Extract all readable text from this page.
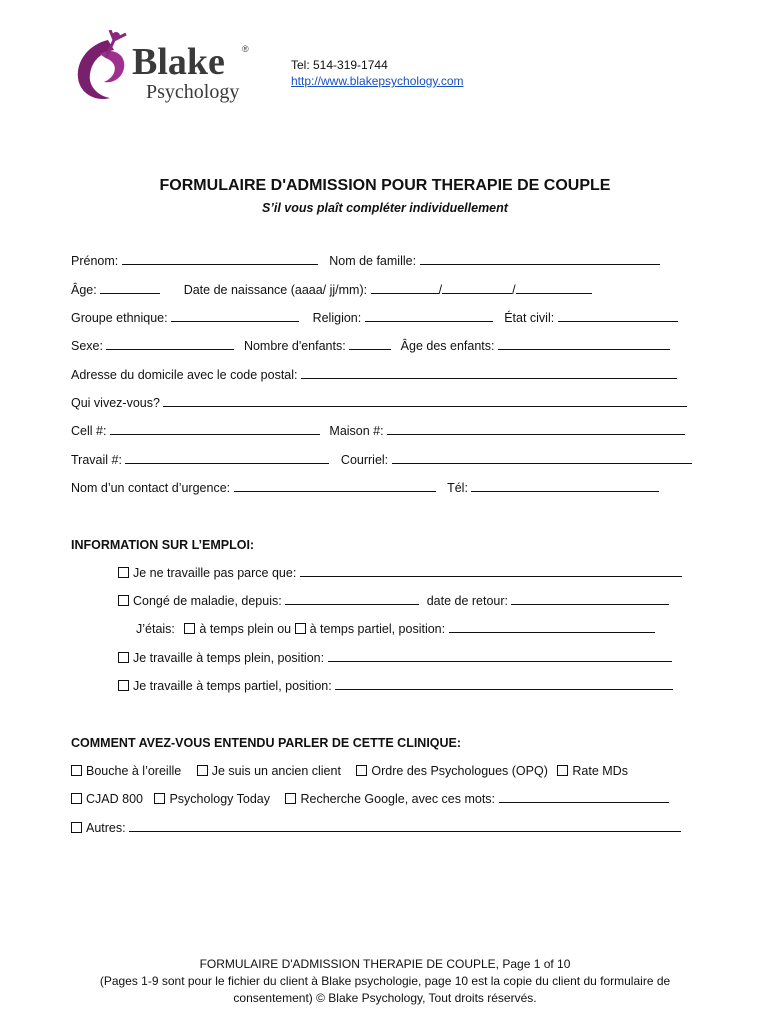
Blake ®
Psychology
Tel: 514-319-1744
http://www.blakepsychology.com
FORMULAIRE D'ADMISSION POUR THERAPIE DE COUPLE
S’il vous plaît compléter individuellement
Prénom:	Nom de famille:
Âge:	Date de naissance (aaaa/ jj/mm):	/	/
Groupe ethnique:	Religion:	État civil:
Sexe:	Nombre d'enfants:	Âge des enfants:
Adresse du domicile avec le code postal:
Qui vivez-vous?
Cell #:	Maison #:
Travail #:	Courriel:
Nom d’un contact d’urgence:	Tél:
INFORMATION SUR L’EMPLOI:
Je ne travaille pas parce que:
Congé de maladie, depuis:	date de retour:
J’étais: à temps plein ou à temps partiel, position:
Je travaille à temps plein, position:
Je travaille à temps partiel, position:
COMMENT AVEZ-VOUS ENTENDU PARLER DE CETTE CLINIQUE:
Bouche à l’oreille Je suis un ancien client Ordre des Psychologues (OPQ) Rate MDs
CJAD 800 Psychology Today Recherche Google, avec ces mots:
Autres:
FORMULAIRE D'ADMISSION THERAPIE DE COUPLE, Page 1 of 10
(Pages 1-9 sont pour le fichier du client à Blake psychologie, page 10 est la copie du client du formulaire de
consentement) © Blake Psychology, Tout droits réservés.
